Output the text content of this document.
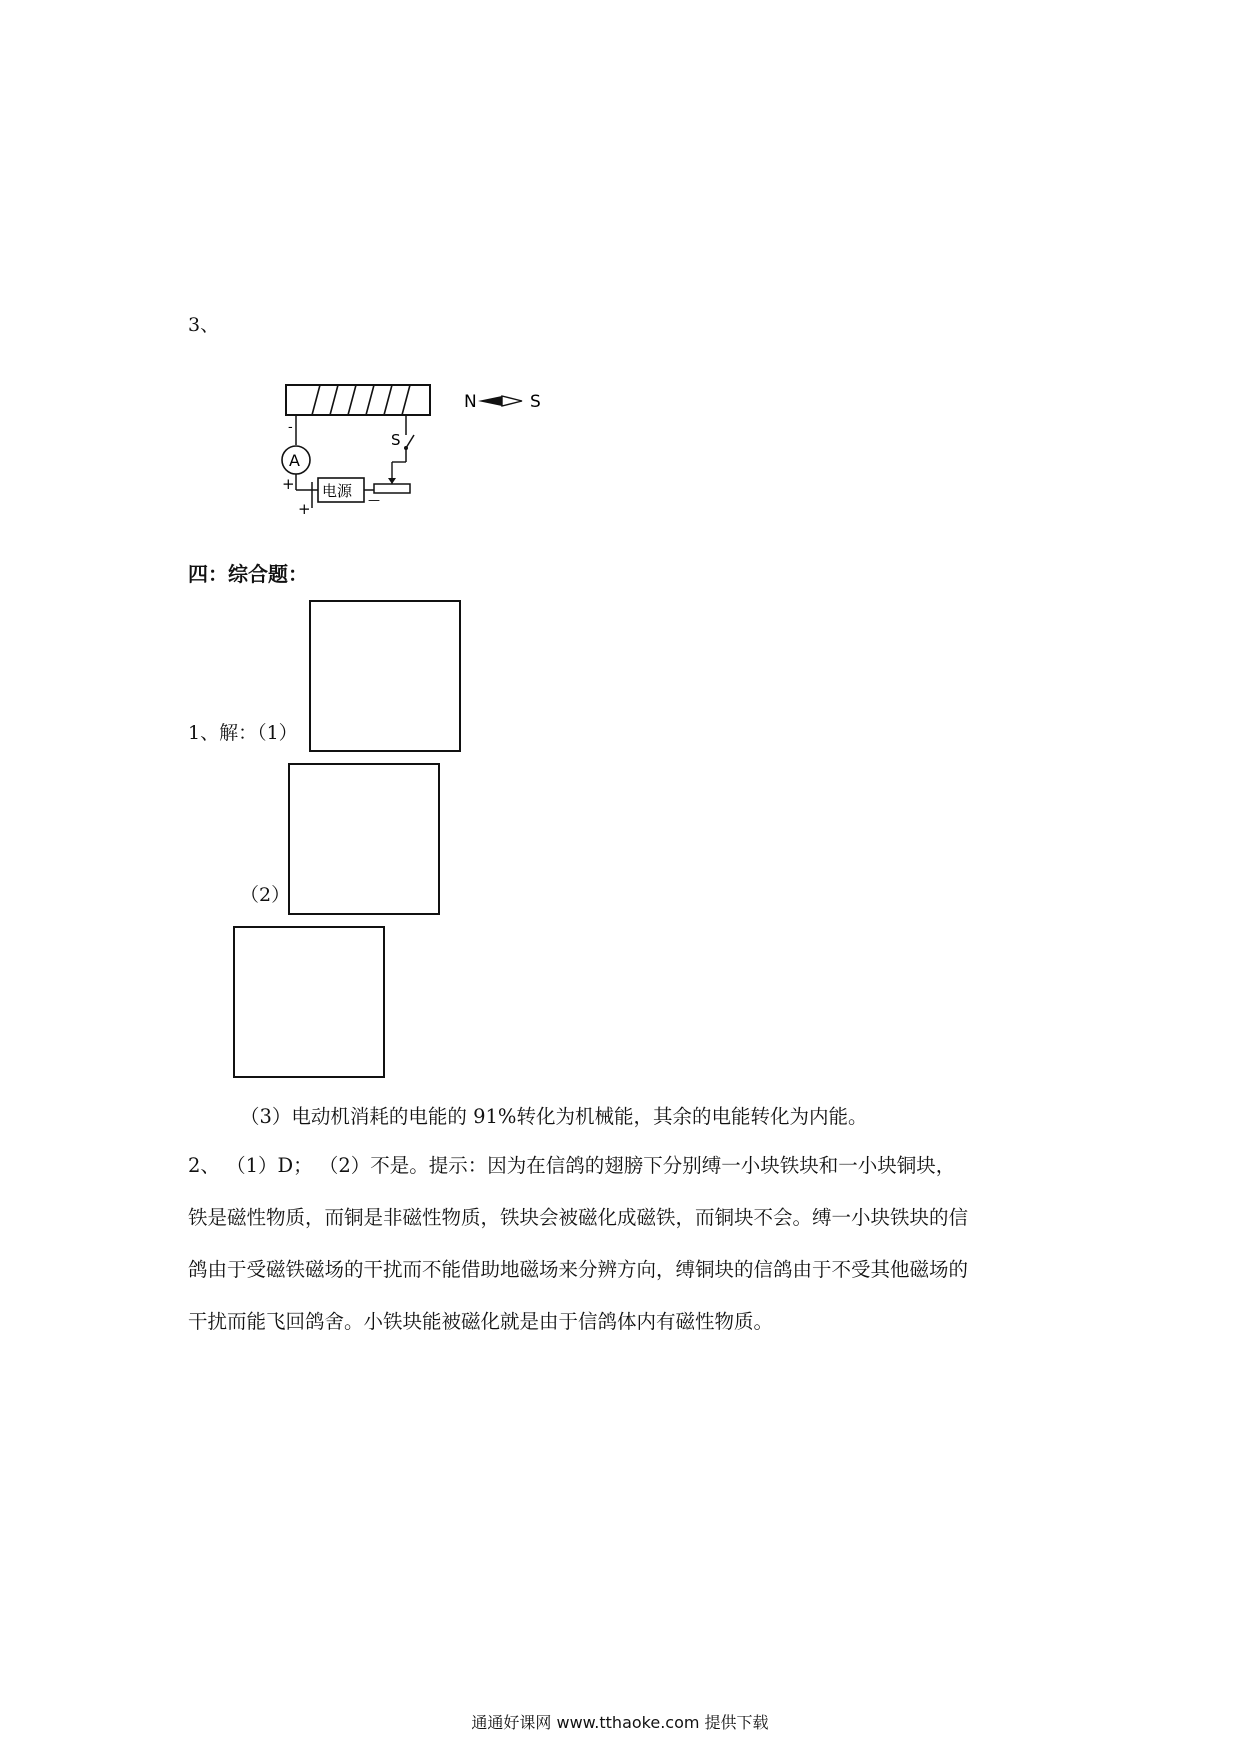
3、
N	S
-
A
+ 电源
+	—
S
四：综合题：
1、解：（1）
（2）
（3）电动机消耗的电能的 91%转化为机械能，其余的电能转化为内能。
2、 （1）D； （2）不是。提示：因为在信鸽的翅膀下分别缚一小块铁块和一小块铜块，
铁是磁性物质，而铜是非磁性物质，铁块会被磁化成磁铁，而铜块不会。缚一小块铁块的信
鸽由于受磁铁磁场的干扰而不能借助地磁场来分辨方向，缚铜块的信鸽由于不受其他磁场的
干扰而能飞回鸽舍。小铁块能被磁化就是由于信鸽体内有磁性物质。
通通好课网 www.tthaoke.com 提供下载
